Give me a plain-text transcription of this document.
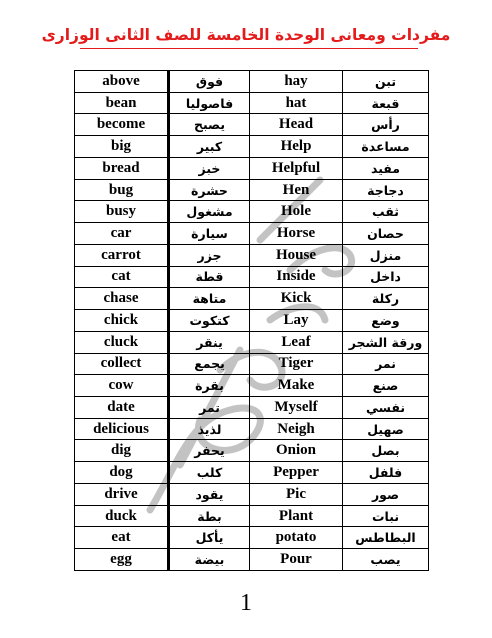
مفردات ومعانى الوحدة الخامسة للصف الثانى الوزارى
above	فوق	hay	تبن
bean	فاصوليا	hat	قبعة
become	يصبح	Head	رأس
big	كبير	Help	مساعدة
bread	خبز	Helpful	مفيد
bug	حشرة	Hen	دجاجة
busy	مشغول	Hole	ثقب
car	سيارة	Horse	حصان
carrot	جزر	House	منزل
cat	قطة	Inside	داخل
chase	متاهة	Kick	ركلة
chick	كتكوت	Lay	وضع
cluck	ينقر	Leaf	ورقة الشجر
collect	يجمع	Tiger	نمر
cow	بقرة	Make	صنع
date	تمر	Myself	نفسي
delicious	لذيذ	Neigh	صهيل
dig	يحفر	Onion	بصل
dog	كلب	Pepper	فلفل
drive	يقود	Pic	صور
duck	بطة	Plant	نبات
eat	يأكل	potato	البطاطس
egg	بيضة	Pour	يصب
1
